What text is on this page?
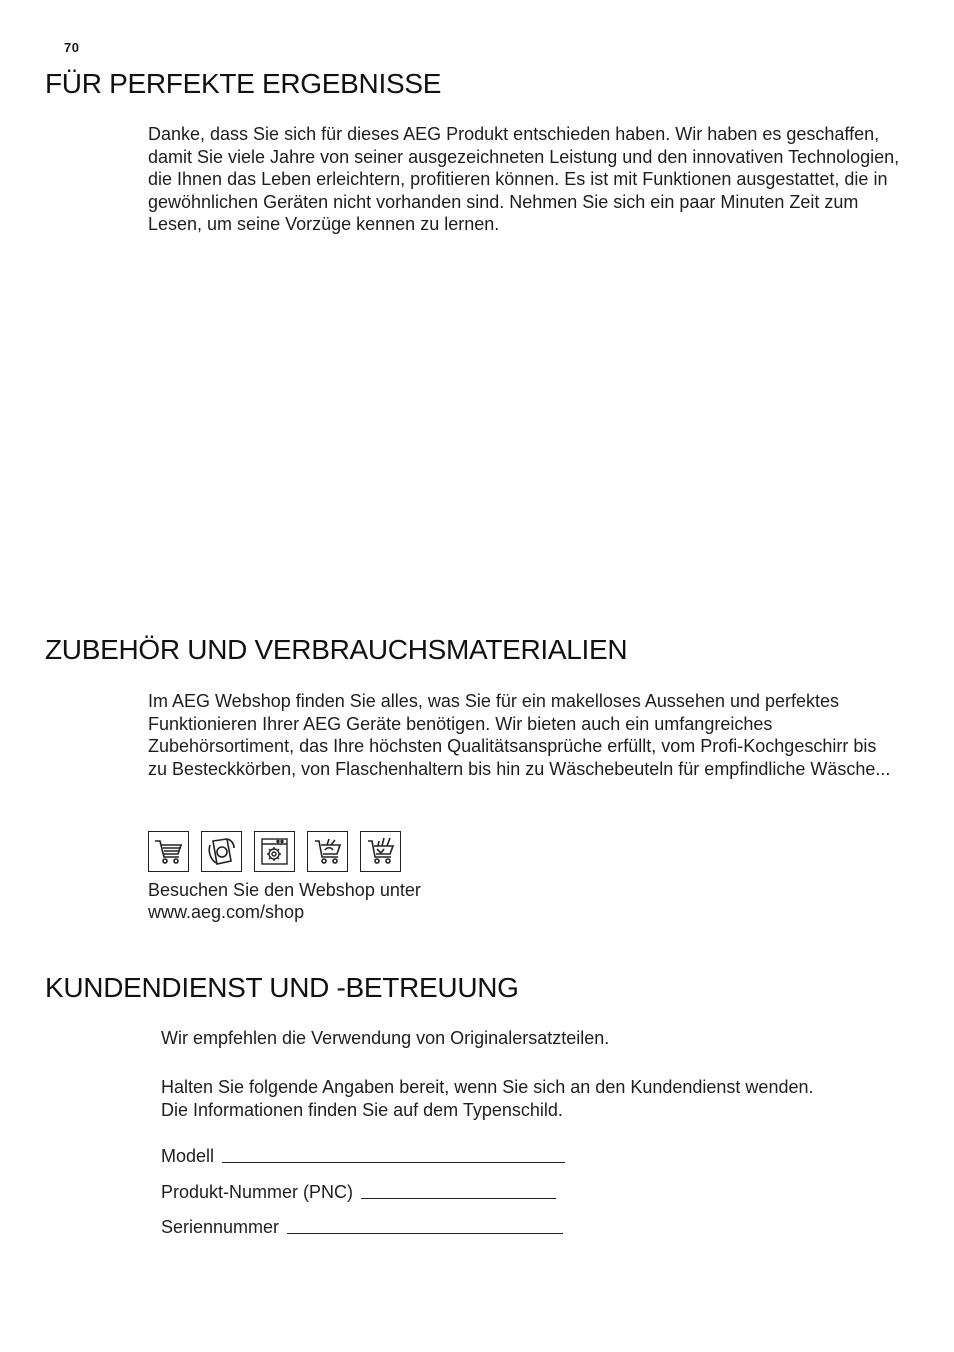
70
FÜR PERFEKTE ERGEBNISSE

Danke, dass Sie sich für dieses AEG Produkt entschieden haben. Wir haben es geschaffen, damit Sie viele Jahre von seiner ausgezeichneten Leistung und den innovativen Technologien, die Ihnen das Leben erleichtern, profitieren können. Es ist mit Funktionen ausgestattet, die in gewöhnlichen Geräten nicht vorhanden sind. Nehmen Sie sich ein paar Minuten Zeit zum Lesen, um seine Vorzüge kennen zu lernen.

ZUBEHÖR UND VERBRAUCHSMATERIALIEN

Im AEG Webshop finden Sie alles, was Sie für ein makelloses Aussehen und perfektes Funktionieren Ihrer AEG Geräte benötigen. Wir bieten auch ein umfangreiches Zubehörsortiment, das Ihre höchsten Qualitätsansprüche erfüllt, vom Profi-Kochgeschirr bis zu Besteckkörben, von Flaschenhaltern bis hin zu Wäschebeuteln für empfindliche Wäsche...

Besuchen Sie den Webshop unter

www.aeg.com/shop

KUNDENDIENST UND -BETREUUNG

Wir empfehlen die Verwendung von Originalersatzteilen.

Halten Sie folgende Angaben bereit, wenn Sie sich an den Kundendienst wenden. Die Informationen finden Sie auf dem Typenschild.

Modell
Produkt-Nummer (PNC)
Seriennummer
